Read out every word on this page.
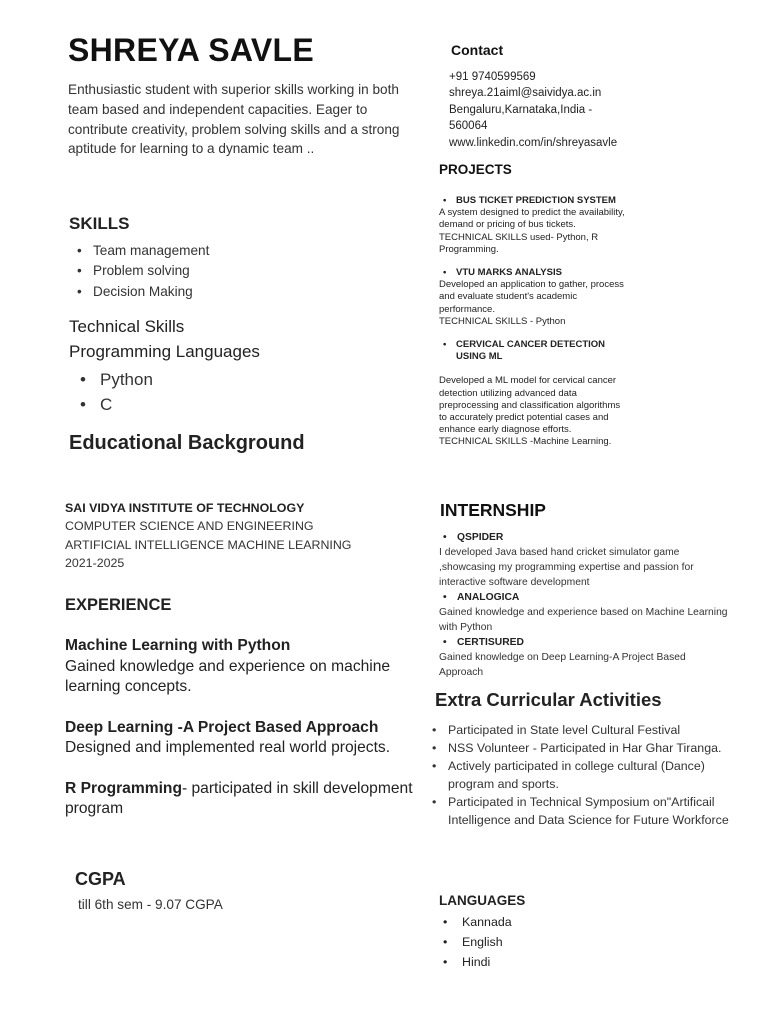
SHREYA SAVLE
Enthusiastic student with superior skills working in both team based and independent capacities. Eager to contribute creativity, problem solving skills and a strong aptitude for learning to a dynamic team ..
SKILLS
• Team management
• Problem solving
• Decision Making
Technical Skills
Programming Languages
• Python
• C
Educational Background
SAI VIDYA INSTITUTE OF TECHNOLOGY
COMPUTER SCIENCE AND ENGINEERING
ARTIFICIAL INTELLIGENCE MACHINE LEARNING
2021-2025
EXPERIENCE
Machine Learning with Python
Gained knowledge and experience on machine learning concepts.
Deep Learning -A Project Based Approach
Designed and implemented real world projects.
R Programming- participated in skill development program
CGPA
till 6th sem - 9.07 CGPA
Contact
+91 9740599569
shreya.21aiml@saividya.ac.in
Bengaluru,Karnataka,India -
560064
www.linkedin.com/in/shreyasavle
PROJECTS
• BUS TICKET PREDICTION SYSTEM
A system designed to predict the availability,
demand or pricing of bus tickets.
TECHNICAL SKILLS used- Python, R
Programming.
• VTU MARKS ANALYSIS
Developed an application to gather, process
and evaluate student's academic
performance.
TECHNICAL SKILLS - Python
• CERVICAL CANCER DETECTION USING ML
Developed a ML model for cervical cancer
detection utilizing advanced data
preprocessing and classification algorithms
to accurately predict potential cases and
enhance early diagnose efforts.
TECHNICAL SKILLS -Machine Learning.
INTERNSHIP
• QSPIDER
I developed Java based hand cricket simulator game ,showcasing my programming expertise and passion for interactive software development
• ANALOGICA
Gained knowledge and experience based on Machine Learning with Python
• CERTISURED
Gained knowledge on Deep Learning-A Project Based Approach
Extra Curricular Activities
• Participated in State level Cultural Festival
• NSS Volunteer - Participated in Har Ghar Tiranga.
• Actively participated in college cultural (Dance) program and sports.
• Participated in Technical Symposium on"Artificail Intelligence and Data Science for Future Workforce
LANGUAGES
• Kannada
• English
• Hindi
